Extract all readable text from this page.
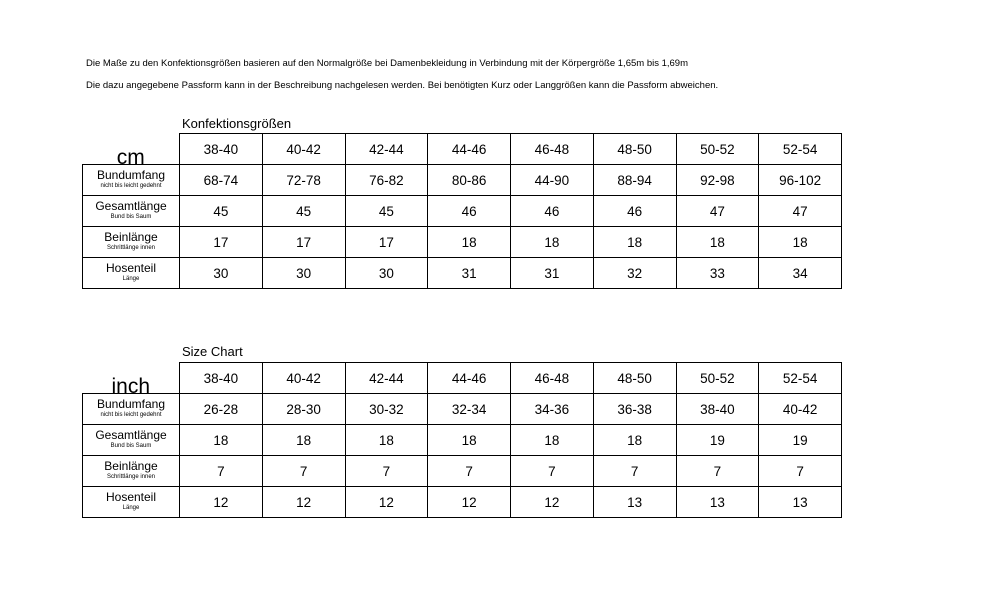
Die Maße zu den Konfektionsgrößen basieren auf den Normalgröße bei Damenbekleidung in Verbindung mit der Körpergröße 1,65m bis 1,69m
Die dazu angegebene Passform kann in der Beschreibung nachgelesen werden. Bei benötigten Kurz oder Langgrößen kann die Passform abweichen.
Konfektionsgrößen
cm	38-40	40-42	42-44	44-46	46-48	48-50	50-52	52-54

Bundumfang
nicht bis leicht gedehnt	68-74	72-78	76-82	80-86	44-90	88-94	92-98	96-102

Gesamtlänge
Bund bis Saum	45	45	45	46	46	46	47	47

Beinlänge
Schrittlänge innen	17	17	17	18	18	18	18	18

Hosenteil
Länge	30	30	30	31	31	32	33	34
Size Chart
inch	38-40	40-42	42-44	44-46	46-48	48-50	50-52	52-54

Bundumfang
nicht bis leicht gedehnt	26-28	28-30	30-32	32-34	34-36	36-38	38-40	40-42

Gesamtlänge
Bund bis Saum	18	18	18	18	18	18	19	19

Beinlänge
Schrittlänge innen	7	7	7	7	7	7	7	7

Hosenteil
Länge	12	12	12	12	12	13	13	13
